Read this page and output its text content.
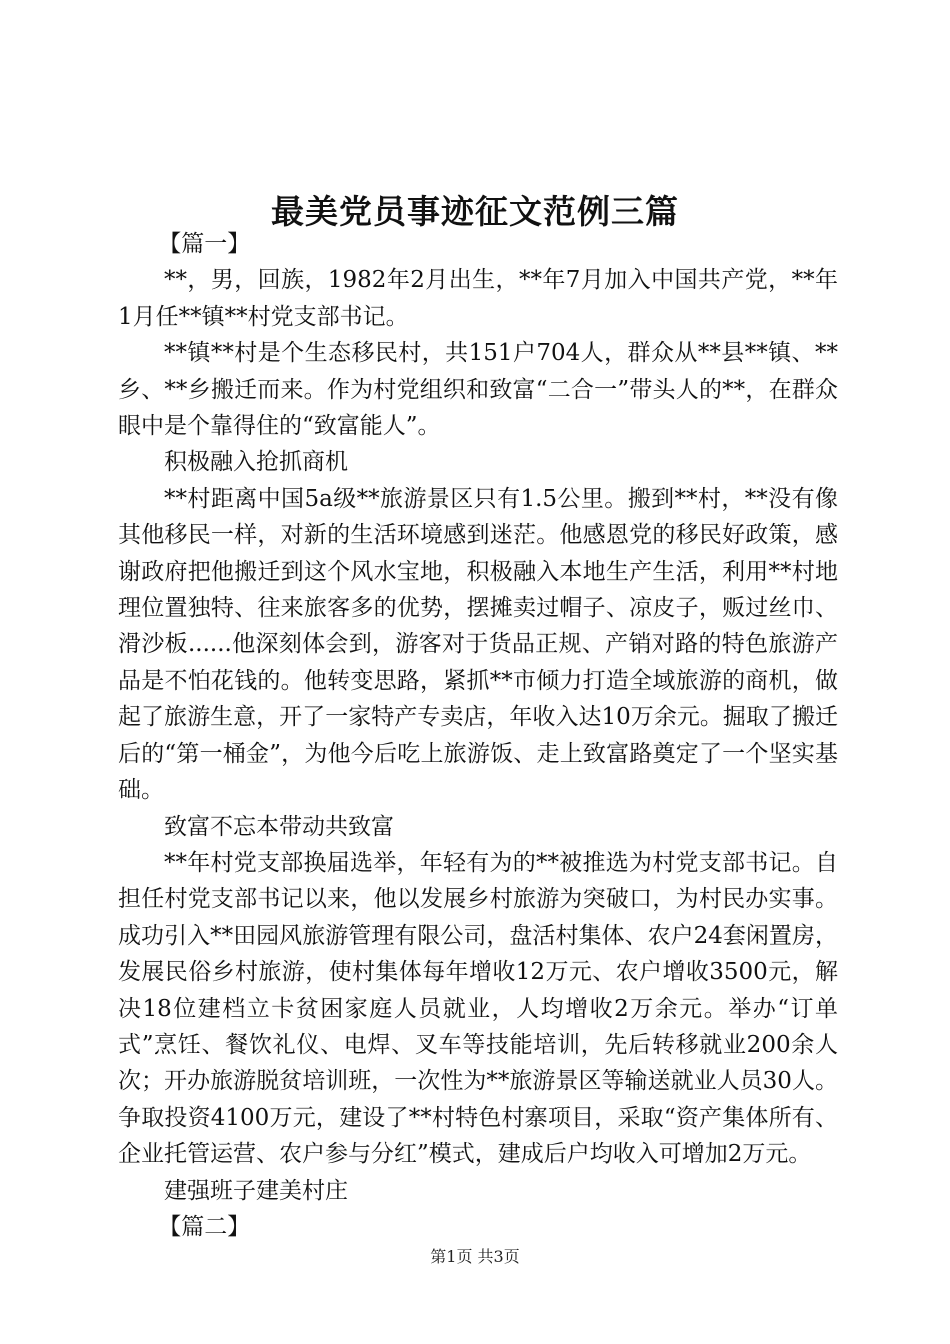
最美党员事迹征文范例三篇

【篇一】

**，男，回族，1982年2月出生，**年7月加入中国共产党，**年1月任**镇**村党支部书记。

**镇**村是个生态移民村，共151户704人，群众从**县**镇、**乡、**乡搬迁而来。作为村党组织和致富“二合一”带头人的**，在群众眼中是个靠得住的“致富能人”。

积极融入抢抓商机

**村距离中国5a级**旅游景区只有1.5公里。搬到**村，**没有像其他移民一样，对新的生活环境感到迷茫。他感恩党的移民好政策，感谢政府把他搬迁到这个风水宝地，积极融入本地生产生活，利用**村地理位置独特、往来旅客多的优势，摆摊卖过帽子、凉皮子，贩过丝巾、滑沙板......他深刻体会到，游客对于货品正规、产销对路的特色旅游产品是不怕花钱的。他转变思路，紧抓**市倾力打造全域旅游的商机，做起了旅游生意，开了一家特产专卖店，年收入达10万余元。掘取了搬迁后的“第一桶金”，为他今后吃上旅游饭、走上致富路奠定了一个坚实基础。

致富不忘本带动共致富

**年村党支部换届选举，年轻有为的**被推选为村党支部书记。自担任村党支部书记以来，他以发展乡村旅游为突破口，为村民办实事。成功引入**田园风旅游管理有限公司，盘活村集体、农户24套闲置房，发展民俗乡村旅游，使村集体每年增收12万元、农户增收3500元，解决18位建档立卡贫困家庭人员就业，人均增收2万余元。举办“订单式”烹饪、餐饮礼仪、电焊、叉车等技能培训，先后转移就业200余人次；开办旅游脱贫培训班，一次性为**旅游景区等输送就业人员30人。争取投资4100万元，建设了**村特色村寨项目，采取“资产集体所有、企业托管运营、农户参与分红”模式，建成后户均收入可增加2万元。

建强班子建美村庄

【篇二】

第1页 共3页
